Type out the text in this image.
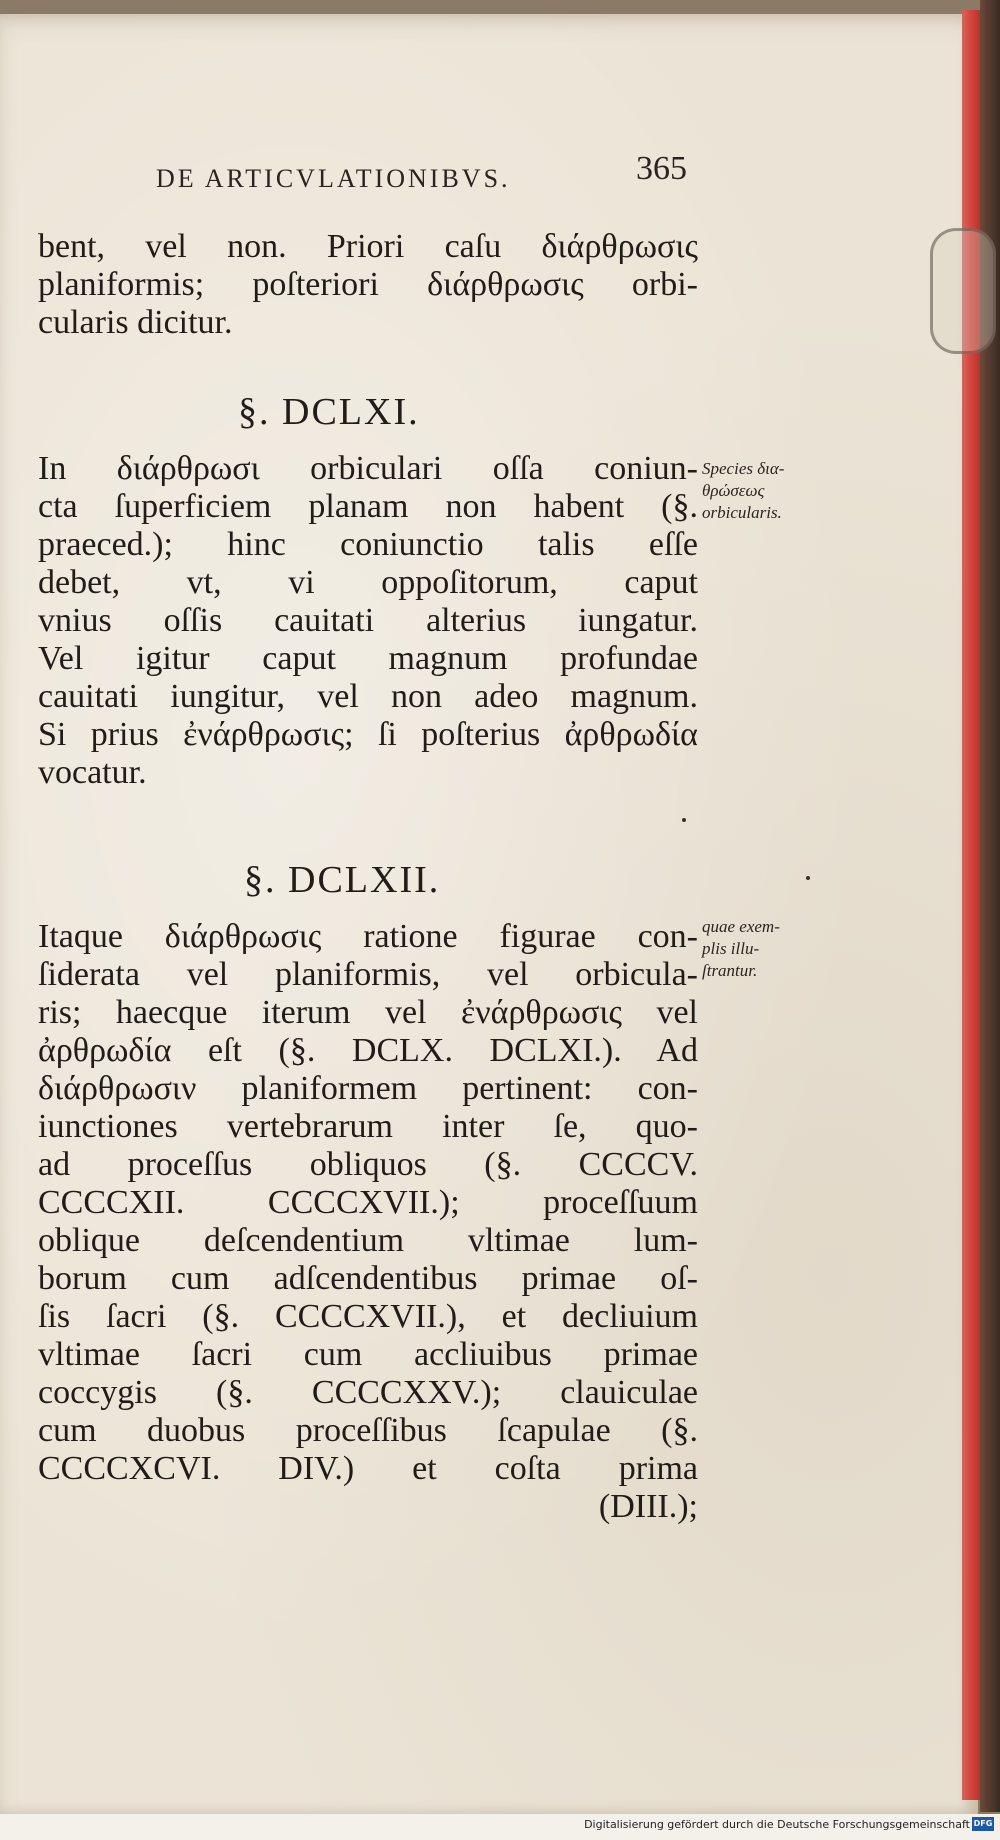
DE ARTICVLATIONIBVS.	365
bent, vel non. Priori caſu διάρθρωσις
planiformis; poſteriori διάρθρωσις orbi-
cularis dicitur.
§. DCLXI.
In διάρθρωσι orbiculari oſſa coniun-
cta ſuperficiem planam non habent (§.
praeced.); hinc coniunctio talis eſſe
debet, vt, vi oppoſitorum, caput
vnius oſſis cauitati alterius iungatur.
Vel igitur caput magnum profundae
cauitati iungitur, vel non adeo magnum.
Si prius ἐνάρθρωσις; ſi poſterius ἀρθρωδία
vocatur.
Species δια-
θρώσεως
orbicularis.
§. DCLXII.
Itaque διάρθρωσις ratione figurae con-
ſiderata vel planiformis, vel orbicula-
ris; haecque iterum vel ἐνάρθρωσις vel
ἀρθρωδία eſt (§. DCLX. DCLXI.). Ad
διάρθρωσιν planiformem pertinent: con-
iunctiones vertebrarum inter ſe, quo-
ad proceſſus obliquos (§. CCCCV.
CCCCXII. CCCCXVII.); proceſſuum
oblique deſcendentium vltimae lum-
borum cum adſcendentibus primae oſ-
ſis ſacri (§. CCCCXVII.), et decliuium
vltimae ſacri cum accliuibus primae
coccygis (§. CCCCXXV.); clauiculae
cum duobus proceſſibus ſcapulae (§.
CCCCXCVI. DIV.) et coſta prima
(DIII.);
quae exem-
plis illu-
ſtrantur.
Digitalisierung gefördert durch die Deutsche Forschungsgemeinschaft DFG
